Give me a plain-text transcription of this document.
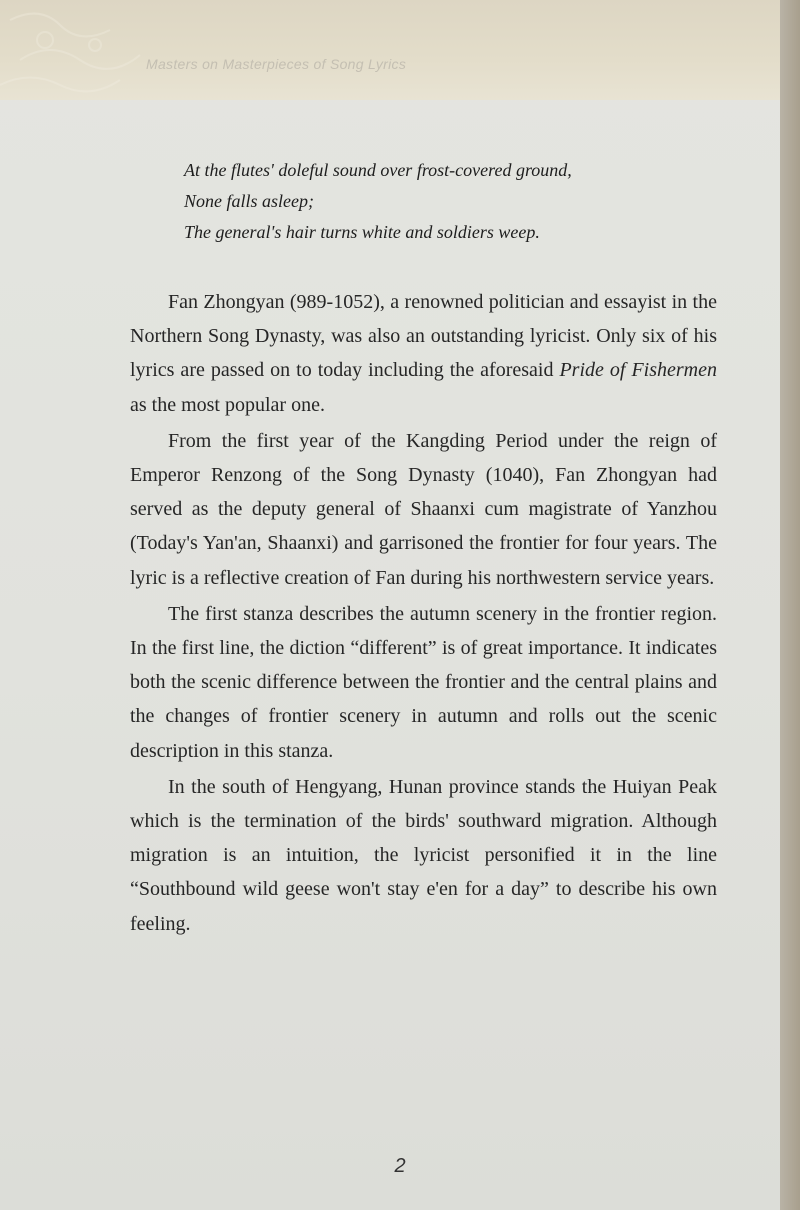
Masters on Masterpieces of Song Lyrics
At the flutes' doleful sound over frost-covered ground,
None falls asleep;
The general's hair turns white and soldiers weep.

Fan Zhongyan (989-1052), a renowned politician and essayist in the Northern Song Dynasty, was also an outstanding lyricist. Only six of his lyrics are passed on to today including the aforesaid Pride of Fishermen as the most popular one.

From the first year of the Kangding Period under the reign of Emperor Renzong of the Song Dynasty (1040), Fan Zhongyan had served as the deputy general of Shaanxi cum magistrate of Yanzhou (Today's Yan'an, Shaanxi) and garrisoned the frontier for four years. The lyric is a reflective creation of Fan during his northwestern service years.

The first stanza describes the autumn scenery in the frontier region. In the first line, the diction “different” is of great importance. It indicates both the scenic difference between the frontier and the central plains and the changes of frontier scenery in autumn and rolls out the scenic description in this stanza.

In the south of Hengyang, Hunan province stands the Huiyan Peak which is the termination of the birds' southward migration. Although migration is an intuition, the lyricist personified it in the line “Southbound wild geese won't stay e'en for a day” to describe his own feeling.

2
